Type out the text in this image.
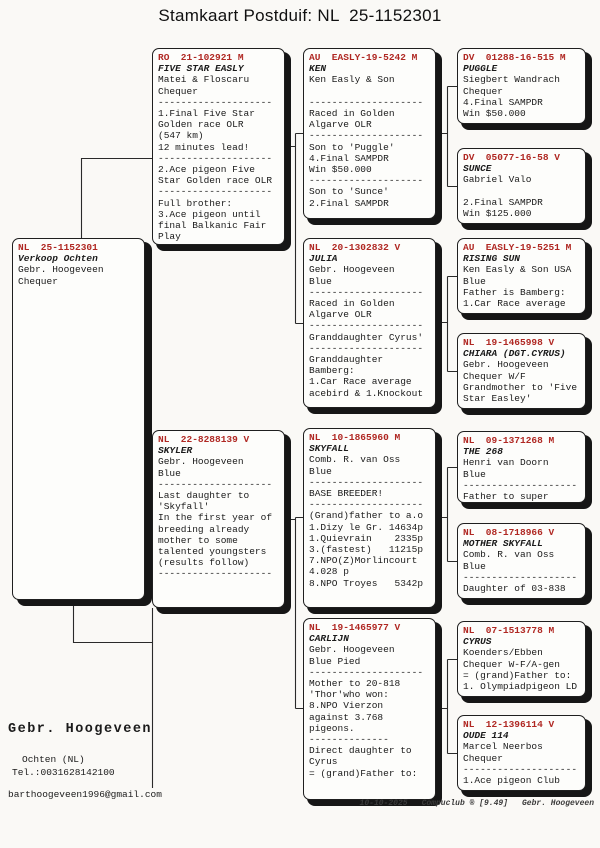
Stamkaart Postduif: NL  25-1152301
NL  25-1152301
Verkoop Ochten
Gebr. Hoogeveen
Chequer
RO  21-102921 M
FIVE STAR EASLY
Matei & Floscaru
Chequer
--------------------
1.Final Five Star
Golden race OLR
(547 km)
12 minutes lead!
--------------------
2.Ace pigeon Five
Star Golden race OLR
--------------------
Full brother:
3.Ace pigeon until
final Balkanic Fair
Play
NL  22-8288139 V
SKYLER
Gebr. Hoogeveen
Blue
--------------------
Last daughter to
'Skyfall'
In the first year of
breeding already
mother to some
talented youngsters
(results follow)
--------------------
AU  EASLY-19-5242 M
KEN
Ken Easly & Son

--------------------
Raced in Golden
Algarve OLR
--------------------
Son to 'Puggle'
4.Final SAMPDR
Win $50.000
--------------------
Son to 'Sunce'
2.Final SAMPDR
NL  20-1302832 V
JULIA
Gebr. Hoogeveen
Blue
--------------------
Raced in Golden
Algarve OLR
--------------------
Granddaughter Cyrus'
--------------------
Granddaughter
Bamberg:
1.Car Race average
acebird & 1.Knockout
NL  10-1865960 M
SKYFALL
Comb. R. van Oss
Blue
--------------------
BASE BREEDER!
--------------------
(Grand)father to a.o
1.Dizy le Gr. 14634p
1.Quievrain    2335p
3.(fastest)   11215p
7.NPO(Z)Morlincourt
4.028 p
8.NPO Troyes   5342p
NL  19-1465977 V
CARLIJN
Gebr. Hoogeveen
Blue Pied
--------------------
Mother to 20-818
'Thor'who won:
8.NPO Vierzon
against 3.768
pigeons.
--------------
Direct daughter to
Cyrus
= (grand)Father to:
DV  01288-16-515 M
PUGGLE
Siegbert Wandrach
Chequer
4.Final SAMPDR
Win $50.000
DV  05077-16-58 V
SUNCE
Gabriel Valo

2.Final SAMPDR
Win $125.000
AU  EASLY-19-5251 M
RISING SUN
Ken Easly & Son USA
Blue
Father is Bamberg:
1.Car Race average
NL  19-1465998 V
CHIARA (DGT.CYRUS)
Gebr. Hoogeveen
Chequer W/F
Grandmother to 'Five
Star Easley'
NL  09-1371268 M
THE 268
Henri van Doorn
Blue
--------------------
Father to super
NL  08-1718966 V
MOTHER SKYFALL
Comb. R. van Oss
Blue
--------------------
Daughter of 03-838
NL  07-1513778 M
CYRUS
Koenders/Ebben
Chequer W-F/A-gen
= (grand)Father to:
1. Olympiadpigeon LD
NL  12-1396114 V
OUDE 114
Marcel Neerbos
Chequer
--------------------
1.Ace pigeon Club
Gebr. Hoogeveen
Ochten (NL)
Tel.:0031628142100
barthoogeveen1996@gmail.com
10-10-2025 Compuclub ® [9.49] Gebr. Hoogeveen
